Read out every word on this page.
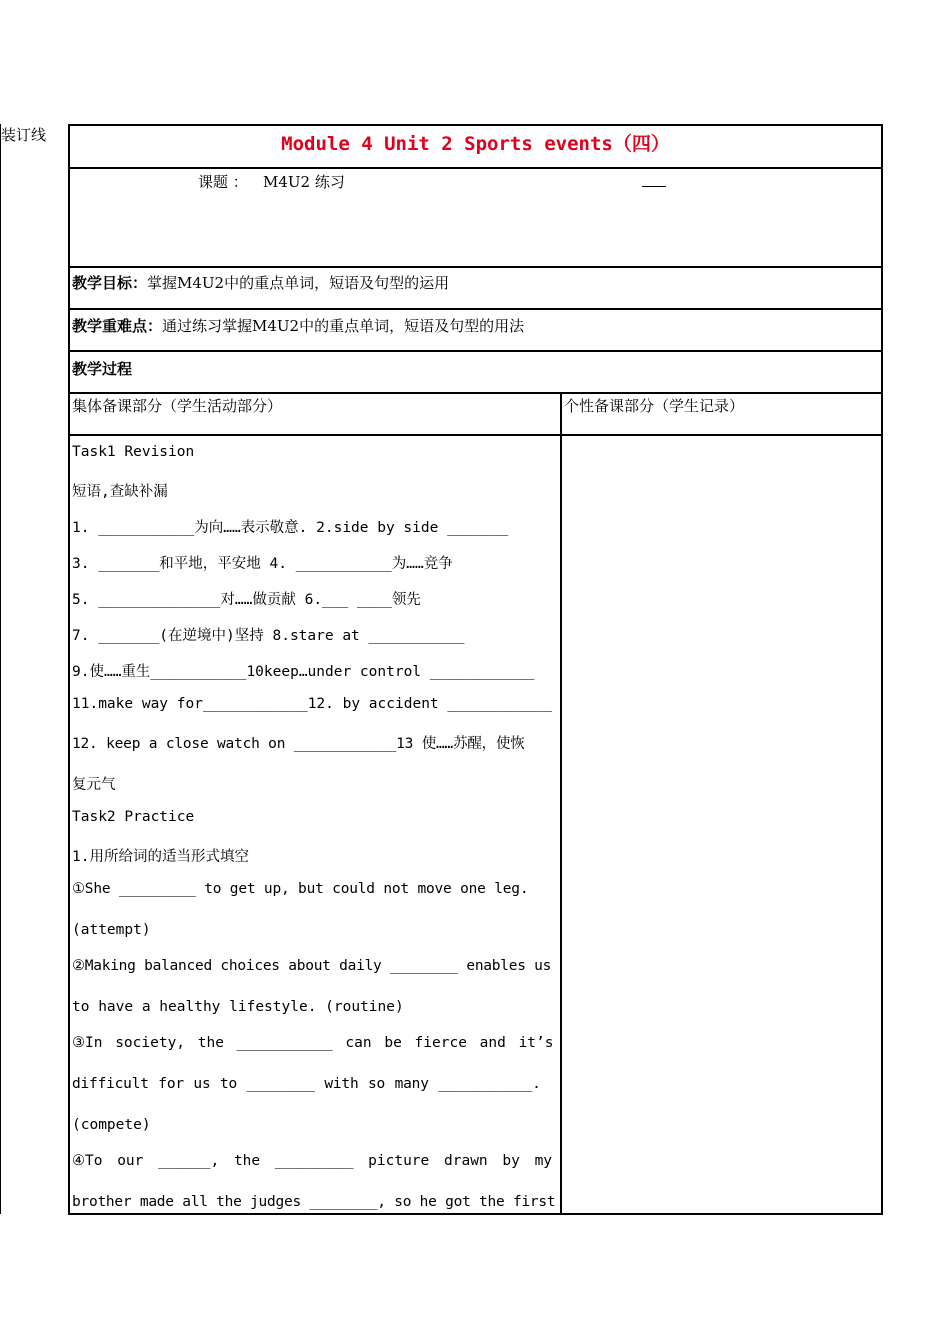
装订线	Module 4 Unit 2 Sports events（四）
课题 ： M4U2 练习
教学目标：掌握M4U2中的重点单词，短语及句型的运用
教学重难点：通过练习掌握M4U2中的重点单词，短语及句型的用法
教学过程
集体备课部分（学生活动部分）	个性备课部分（学生记录）
Task1 Revision
短语,查缺补漏
1. ___________为向……表示敬意. 2.side by side _______
3. _______和平地，平安地 4. ___________为……竞争
5. ______________对……做贡献 6.___ ____领先
7. _______(在逆境中)坚持 8.stare at ___________
9.使……重生___________10keep…under control ____________
11.make way for____________12. by accident ____________
12. keep a close watch on ____________13 使……苏醒，使恢
复元气
Task2 Practice
1.用所给词的适当形式填空
①She _________ to get up, but could not move one leg.
(attempt)
②Making balanced choices about daily ________ enables us
to have a healthy lifestyle. (routine)
③In society, the ___________ can be fierce and it’s
difficult for us to ________ with so many ___________.
(compete)
④To our ______, the _________ picture drawn by my
brother made all the judges ________, so he got the first
